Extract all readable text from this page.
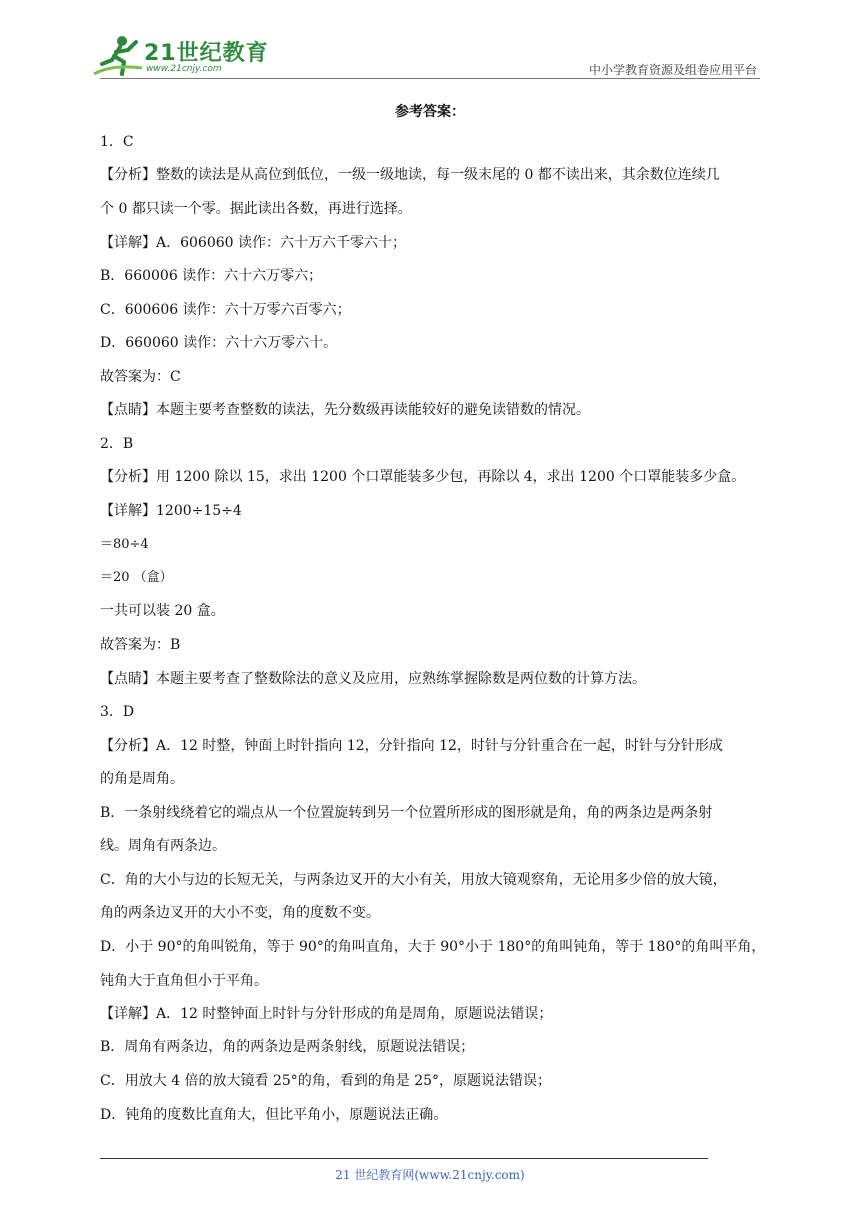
21世纪教育
www.21cnjy.com	中小学教育资源及组卷应用平台
参考答案：
1．C
【分析】整数的读法是从高位到低位，一级一级地读，每一级末尾的 0 都不读出来，其余数位连续几
个 0 都只读一个零。据此读出各数，再进行选择。
【详解】A．606060 读作：六十万六千零六十；
B．660006 读作：六十六万零六；
C．600606 读作：六十万零六百零六；
D．660060 读作：六十六万零六十。
故答案为：C
【点睛】本题主要考查整数的读法，先分数级再读能较好的避免读错数的情况。
2．B
【分析】用 1200 除以 15，求出 1200 个口罩能装多少包，再除以 4，求出 1200 个口罩能装多少盒。
【详解】1200÷15÷4
＝80÷4
＝20 （盒）
一共可以装 20 盒。
故答案为：B
【点睛】本题主要考查了整数除法的意义及应用，应熟练掌握除数是两位数的计算方法。
3．D
【分析】A．12 时整，钟面上时针指向 12，分针指向 12，时针与分针重合在一起，时针与分针形成
的角是周角。
B．一条射线绕着它的端点从一个位置旋转到另一个位置所形成的图形就是角，角的两条边是两条射
线。周角有两条边。
C．角的大小与边的长短无关，与两条边叉开的大小有关，用放大镜观察角，无论用多少倍的放大镜，
角的两条边叉开的大小不变，角的度数不变。
D．小于 90°的角叫锐角，等于 90°的角叫直角，大于 90°小于 180°的角叫钝角，等于 180°的角叫平角，
钝角大于直角但小于平角。
【详解】A．12 时整钟面上时针与分针形成的角是周角，原题说法错误；
B．周角有两条边，角的两条边是两条射线，原题说法错误；
C．用放大 4 倍的放大镜看 25°的角，看到的角是 25°，原题说法错误；
D．钝角的度数比直角大，但比平角小，原题说法正确。
21 世纪教育网(www.21cnjy.com)
